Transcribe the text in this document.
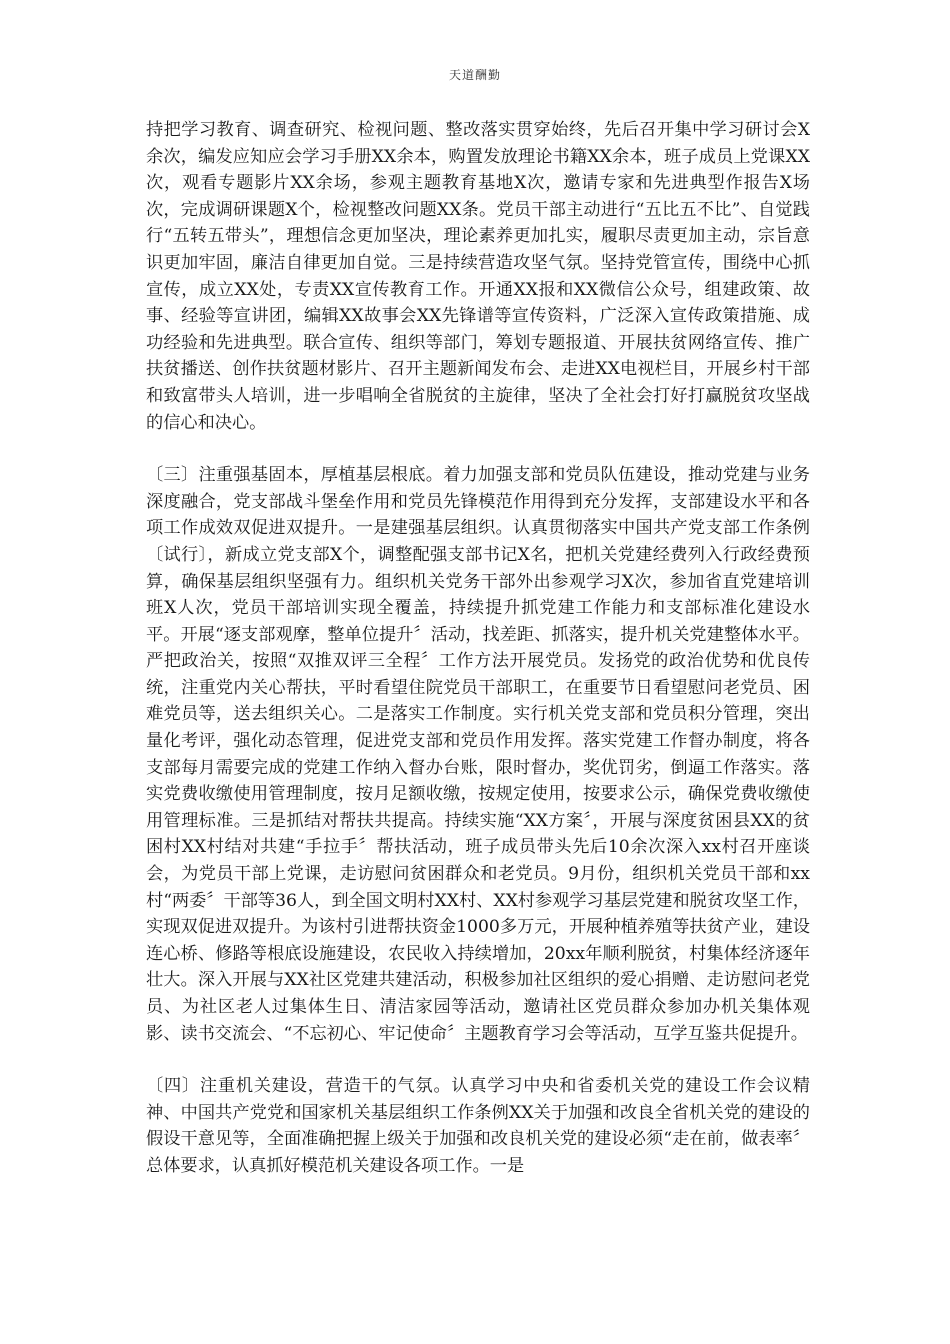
天道酬勤

持把学习教育、调查研究、检视问题、整改落实贯穿始终，先后召开集中学习研讨会X余次，编发应知应会学习手册XX余本，购置发放理论书籍XX余本，班子成员上党课XX次，观看专题影片XX余场，参观主题教育基地X次，邀请专家和先进典型作报告X场次，完成调研课题X个，检视整改问题XX条。党员干部主动进行“五比五不比”、自觉践行“五转五带头”，理想信念更加坚决，理论素养更加扎实，履职尽责更加主动，宗旨意识更加牢固，廉洁自律更加自觉。三是持续营造攻坚气氛。坚持党管宣传，围绕中心抓宣传，成立XX处，专责XX宣传教育工作。开通XX报和XX微信公众号，组建政策、故事、经验等宣讲团，编辑XX故事会XX先锋谱等宣传资料，广泛深入宣传政策措施、成功经验和先进典型。联合宣传、组织等部门，筹划专题报道、开展扶贫网络宣传、推广扶贫播送、创作扶贫题材影片、召开主题新闻发布会、走进XX电视栏目，开展乡村干部和致富带头人培训，进一步唱响全省脱贫的主旋律，坚决了全社会打好打赢脱贫攻坚战的信心和决心。

〔三〕注重强基固本，厚植基层根底。着力加强支部和党员队伍建设，推动党建与业务深度融合，党支部战斗堡垒作用和党员先锋模范作用得到充分发挥，支部建设水平和各项工作成效双促进双提升。一是建强基层组织。认真贯彻落实中国共产党支部工作条例〔试行〕，新成立党支部X个，调整配强支部书记X名，把机关党建经费列入行政经费预算，确保基层组织坚强有力。组织机关党务干部外出参观学习X次，参加省直党建培训班X人次，党员干部培训实现全覆盖，持续提升抓党建工作能力和支部标准化建设水平。开展“逐支部观摩，整单位提升〞活动，找差距、抓落实，提升机关党建整体水平。严把政治关，按照“双推双评三全程〞工作方法开展党员。发扬党的政治优势和优良传统，注重党内关心帮扶，平时看望住院党员干部职工，在重要节日看望慰问老党员、困难党员等，送去组织关心。二是落实工作制度。实行机关党支部和党员积分管理，突出量化考评，强化动态管理，促进党支部和党员作用发挥。落实党建工作督办制度，将各支部每月需要完成的党建工作纳入督办台账，限时督办，奖优罚劣，倒逼工作落实。落实党费收缴使用管理制度，按月足额收缴，按规定使用，按要求公示，确保党费收缴使用管理标准。三是抓结对帮扶共提高。持续实施“XX方案〞，开展与深度贫困县XX的贫困村XX村结对共建“手拉手〞帮扶活动，班子成员带头先后10余次深入xx村召开座谈会，为党员干部上党课，走访慰问贫困群众和老党员。9月份，组织机关党员干部和xx村“两委〞干部等36人，到全国文明村XX村、XX村参观学习基层党建和脱贫攻坚工作，实现双促进双提升。为该村引进帮扶资金1000多万元，开展种植养殖等扶贫产业，建设连心桥、修路等根底设施建设，农民收入持续增加，20xx年顺利脱贫，村集体经济逐年壮大。深入开展与XX社区党建共建活动，积极参加社区组织的爱心捐赠、走访慰问老党员、为社区老人过集体生日、清洁家园等活动，邀请社区党员群众参加办机关集体观影、读书交流会、“不忘初心、牢记使命〞主题教育学习会等活动，互学互鉴共促提升。

〔四〕注重机关建设，营造干的气氛。认真学习中央和省委机关党的建设工作会议精神、中国共产党党和国家机关基层组织工作条例XX关于加强和改良全省机关党的建设的假设干意见等，全面准确把握上级关于加强和改良机关党的建设必须“走在前，做表率〞总体要求，认真抓好模范机关建设各项工作。一是
